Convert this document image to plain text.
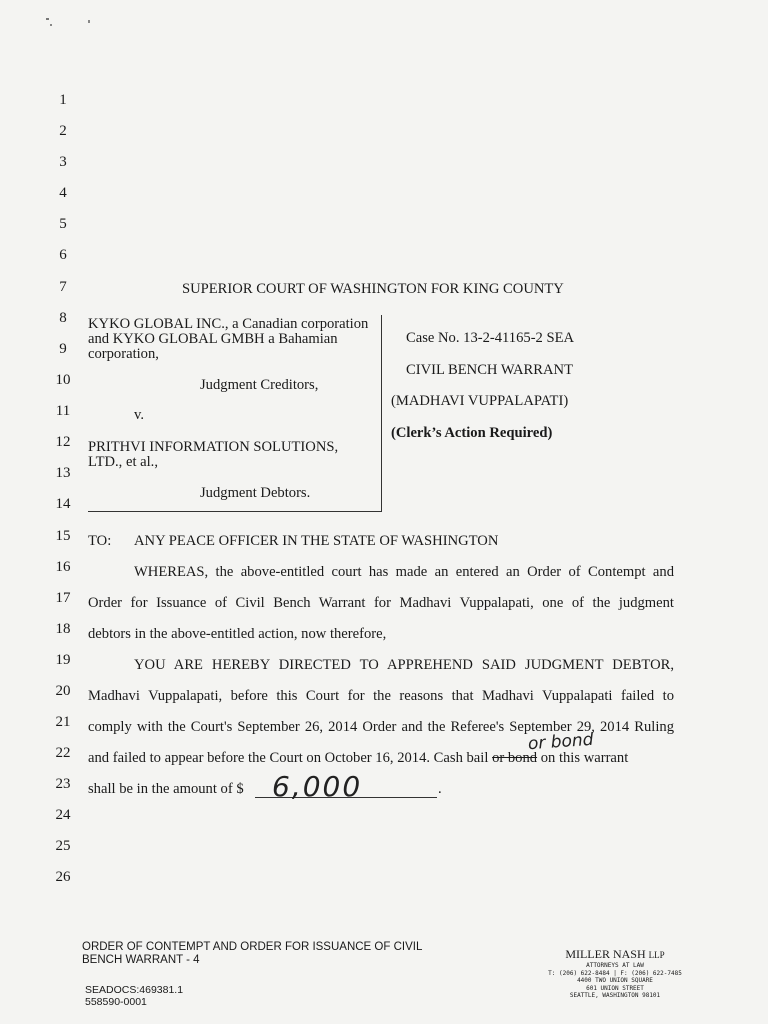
1
2
3
4
5
6
7
8
9
10
11
12
13
14
15
16
17
18
19
20
21
22
23
24
25
26
SUPERIOR COURT OF WASHINGTON FOR KING COUNTY
KYKO GLOBAL INC., a Canadian corporation
and KYKO GLOBAL GMBH a Bahamian
corporation,
Judgment Creditors,
v.
PRITHVI INFORMATION SOLUTIONS,
LTD., et al.,
Judgment Debtors.
Case No. 13-2-41165-2 SEA
CIVIL BENCH WARRANT
(MADHAVI VUPPALAPATI)
(Clerk’s Action Required)
TO: ANY PEACE OFFICER IN THE STATE OF WASHINGTON
WHEREAS, the above-entitled court has made an entered an Order of Contempt and
Order for Issuance of Civil Bench Warrant for Madhavi Vuppalapati, one of the judgment
debtors in the above-entitled action, now therefore,
YOU ARE HEREBY DIRECTED TO APPREHEND SAID JUDGMENT DEBTOR,
Madhavi Vuppalapati, before this Court for the reasons that Madhavi Vuppalapati failed to
comply with the Court's September 26, 2014 Order and the Referee's September 29, 2014 Ruling
and failed to appear before the Court on October 16, 2014. Cash bail or bond on this warrant
or bond
shall be in the amount of $ 6,000	.
ORDER OF CONTEMPT AND ORDER FOR ISSUANCE OF CIVIL
BENCH WARRANT - 4
SEADOCS:469381.1
558590-0001
MILLER NASH LLP
ATTORNEYS AT LAW
T: (206) 622-8484 | F: (206) 622-7485
4400 TWO UNION SQUARE
601 UNION STREET
SEATTLE, WASHINGTON 98101
